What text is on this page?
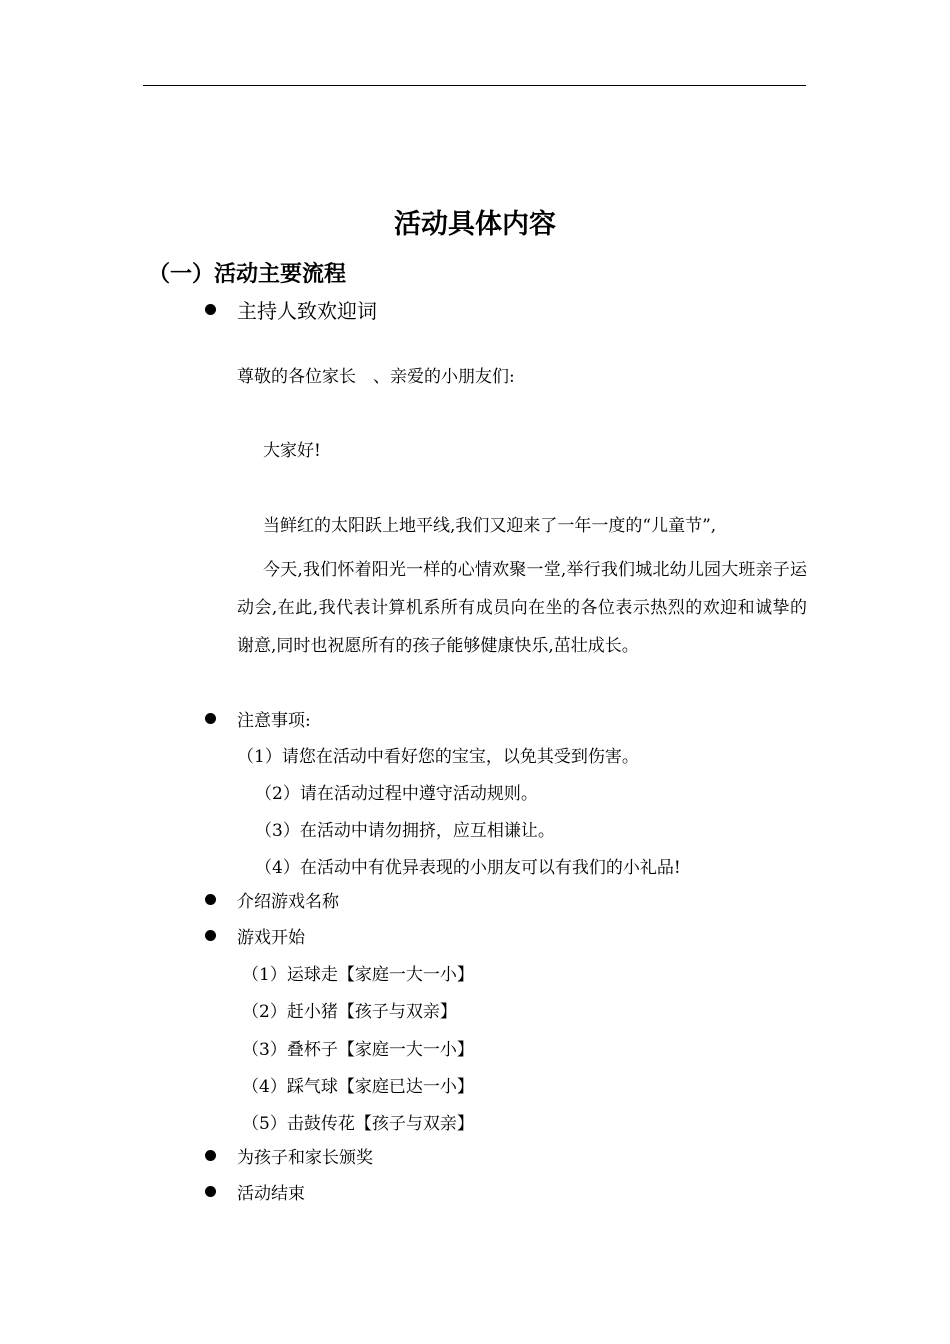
活动具体内容
（一）活动主要流程
主持人致欢迎词
尊敬的各位家长　、亲爱的小朋友们:
大家好!
当鲜红的太阳跃上地平线,我们又迎来了一年一度的“儿童节”,
今天,我们怀着阳光一样的心情欢聚一堂,举行我们城北幼儿园大班亲子运动会,在此,我代表计算机系所有成员向在坐的各位表示热烈的欢迎和诚挚的谢意,同时也祝愿所有的孩子能够健康快乐,茁壮成长。
注意事项:
（1）请您在活动中看好您的宝宝，以免其受到伤害。
（2）请在活动过程中遵守活动规则。
（3）在活动中请勿拥挤，应互相谦让。
（4）在活动中有优异表现的小朋友可以有我们的小礼品!
介绍游戏名称
游戏开始
（1）运球走【家庭一大一小】
（2）赶小猪【孩子与双亲】
（3）叠杯子【家庭一大一小】
（4）踩气球【家庭已达一小】
（5）击鼓传花【孩子与双亲】
为孩子和家长颁奖
活动结束
